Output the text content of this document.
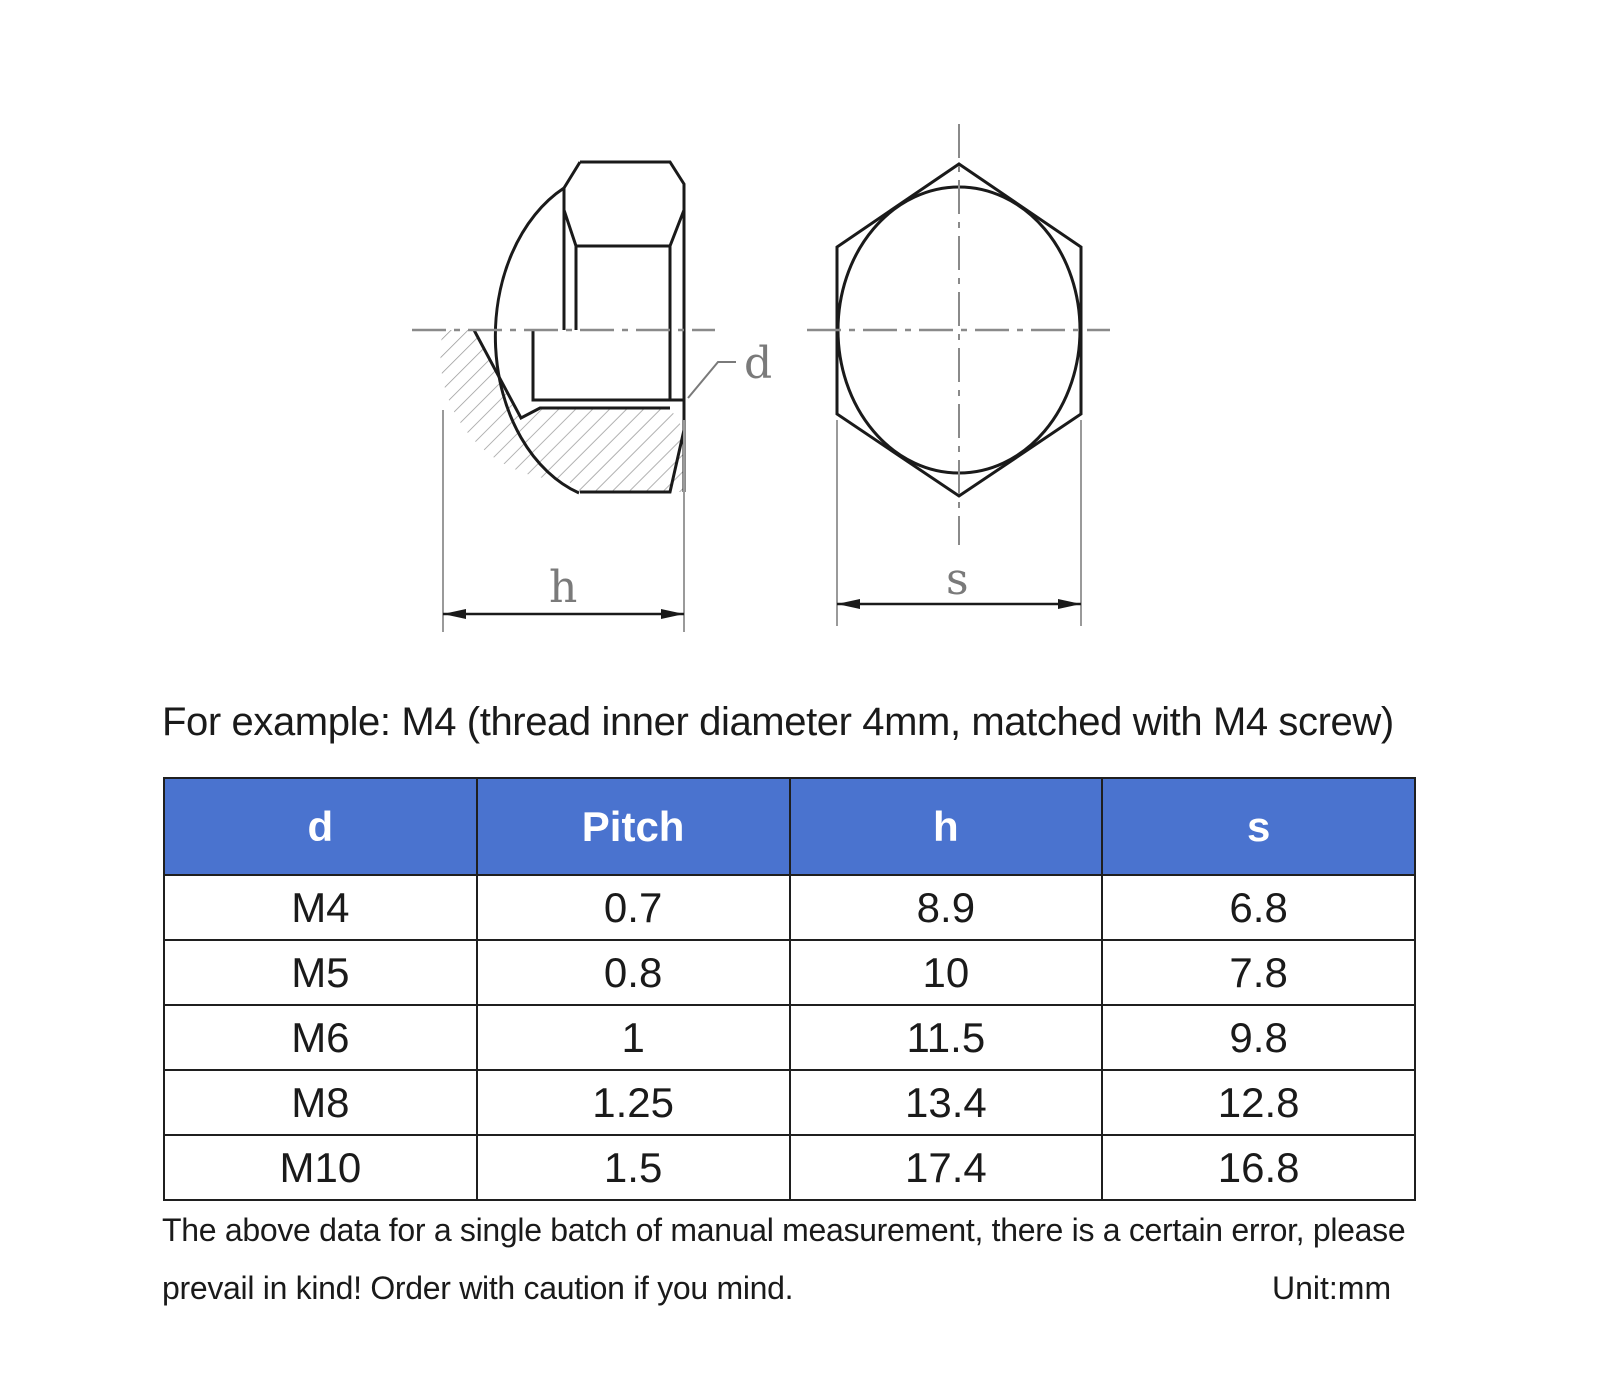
h
d
s
For example: M4 (thread inner diameter 4mm, matched with M4 screw)
d	Pitch	h	s
M4	0.7	8.9	6.8
M5	0.8	10	7.8
M6	1	11.5	9.8
M8	1.25	13.4	12.8
M10	1.5	17.4	16.8
The above data for a single batch of manual measurement, there is a certain error, please
prevail in kind! Order with caution if you mind.	Unit:mm
